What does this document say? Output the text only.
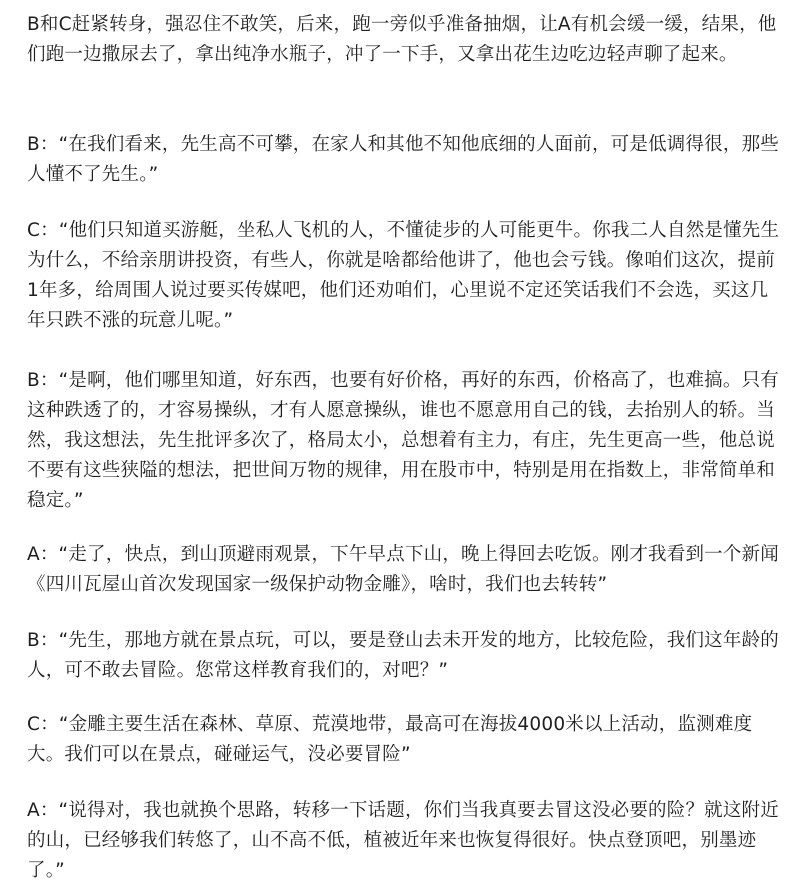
B和C赶紧转身，强忍住不敢笑，后来，跑一旁似乎准备抽烟，让A有机会缓一缓，结果，他们跑一边撒尿去了，拿出纯净水瓶子，冲了一下手，又拿出花生边吃边轻声聊了起来。

B：“在我们看来，先生高不可攀，在家人和其他不知他底细的人面前，可是低调得很，那些人懂不了先生。”

C：“他们只知道买游艇，坐私人飞机的人，不懂徒步的人可能更牛。你我二人自然是懂先生为什么，不给亲朋讲投资，有些人，你就是啥都给他讲了，他也会亏钱。像咱们这次，提前1年多，给周围人说过要买传媒吧，他们还劝咱们，心里说不定还笑话我们不会选，买这几年只跌不涨的玩意儿呢。”

B：“是啊，他们哪里知道，好东西，也要有好价格，再好的东西，价格高了，也难搞。只有这种跌透了的，才容易操纵，才有人愿意操纵，谁也不愿意用自己的钱，去抬别人的轿。当然，我这想法，先生批评多次了，格局太小，总想着有主力，有庄，先生更高一些，他总说不要有这些狭隘的想法，把世间万物的规律，用在股市中，特别是用在指数上，非常简单和稳定。”

A：“走了，快点，到山顶避雨观景，下午早点下山，晚上得回去吃饭。刚才我看到一个新闻《四川瓦屋山首次发现国家一级保护动物金雕》，啥时，我们也去转转”

B：“先生，那地方就在景点玩，可以，要是登山去未开发的地方，比较危险，我们这年龄的人，可不敢去冒险。您常这样教育我们的，对吧？”

C：“金雕主要生活在森林、草原、荒漠地带，最高可在海拔4000米以上活动，监测难度大。我们可以在景点，碰碰运气，没必要冒险”

A：“说得对，我也就换个思路，转移一下话题，你们当我真要去冒这没必要的险？就这附近的山，已经够我们转悠了，山不高不低，植被近年来也恢复得很好。快点登顶吧，别墨迹了。”
